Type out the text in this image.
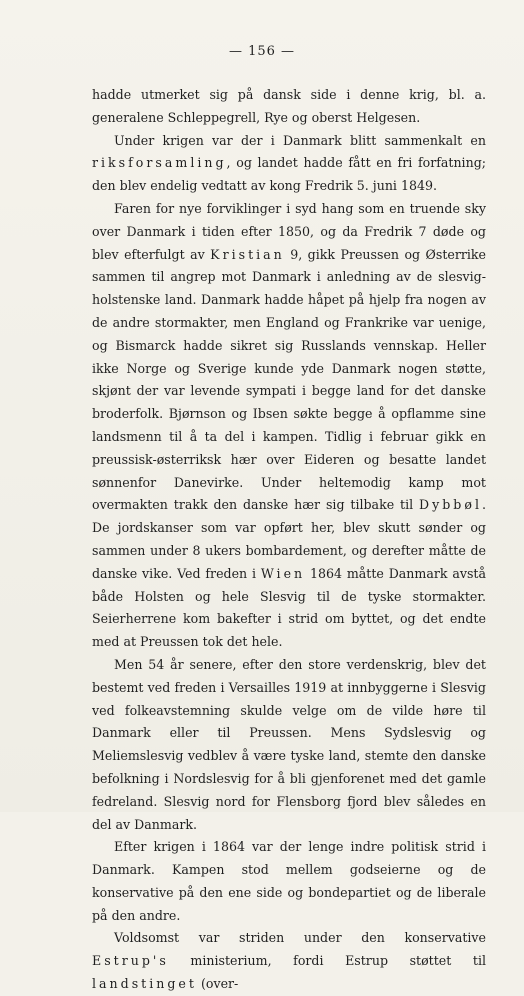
— 156 —

hadde utmerket sig på dansk side i denne krig, bl. a. generalene Schleppegrell, Rye og oberst Helgesen.

Under krigen var der i Danmark blitt sammenkalt en riksforsamling, og landet hadde fått en fri forfatning; den blev endelig vedtatt av kong Fredrik 5. juni 1849.

Faren for nye forviklinger i syd hang som en truende sky over Danmark i tiden efter 1850, og da Fredrik 7 døde og blev efterfulgt av Kristian 9, gikk Preussen og Østerrike sammen til angrep mot Danmark i anledning av de slesvig-holstenske land. Danmark hadde håpet på hjelp fra nogen av de andre stormakter, men England og Frankrike var uenige, og Bismarck hadde sikret sig Russlands vennskap. Heller ikke Norge og Sverige kunde yde Danmark nogen støtte, skjønt der var levende sympati i begge land for det danske broderfolk. Bjørnson og Ibsen søkte begge å opflamme sine landsmenn til å ta del i kampen. Tidlig i februar gikk en preussisk-østerriksk hær over Eideren og besatte landet sønnenfor Danevirke. Under heltemodig kamp mot overmakten trakk den danske hær sig tilbake til Dybbøl. De jordskanser som var opført her, blev skutt sønder og sammen under 8 ukers bombardement, og derefter måtte de danske vike. Ved freden i Wien 1864 måtte Danmark avstå både Holsten og hele Slesvig til de tyske stormakter. Seierherrene kom bakefter i strid om byttet, og det endte med at Preussen tok det hele.

Men 54 år senere, efter den store verdenskrig, blev det bestemt ved freden i Versailles 1919 at innbyggerne i Slesvig ved folkeavstemning skulde velge om de vilde høre til Danmark eller til Preussen. Mens Sydslesvig og Meliemslesvig vedblev å være tyske land, stemte den danske befolkning i Nordslesvig for å bli gjenforenet med det gamle fedreland. Slesvig nord for Flensborg fjord blev således en del av Danmark.

Efter krigen i 1864 var der lenge indre politisk strid i Danmark. Kampen stod mellem godseierne og de konservative på den ene side og bondepartiet og de liberale på den andre.

Voldsomst var striden under den konservative Estrup's ministerium, fordi Estrup støttet til landstinget (over-
